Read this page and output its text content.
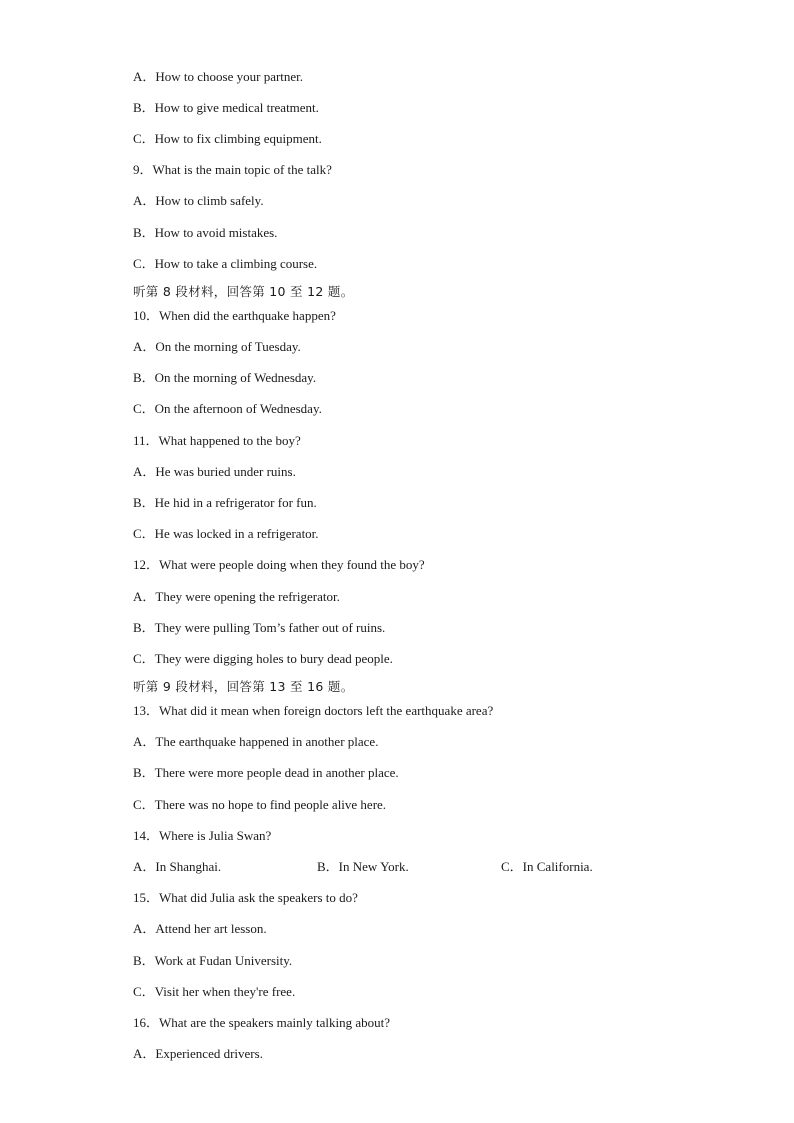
A．How to choose your partner.
B．How to give medical treatment.
C．How to fix climbing equipment.
9．What is the main topic of the talk?
A．How to climb safely.
B．How to avoid mistakes.
C．How to take a climbing course.
听第 8 段材料，回答第 10 至 12 题。
10．When did the earthquake happen?
A．On the morning of Tuesday.
B．On the morning of Wednesday.
C．On the afternoon of Wednesday.
11．What happened to the boy?
A．He was buried under ruins.
B．He hid in a refrigerator for fun.
C．He was locked in a refrigerator.
12．What were people doing when they found the boy?
A．They were opening the refrigerator.
B．They were pulling Tom’s father out of ruins.
C．They were digging holes to bury dead people.
听第 9 段材料，回答第 13 至 16 题。
13．What did it mean when foreign doctors left the earthquake area?
A．The earthquake happened in another place.
B．There were more people dead in another place.
C．There was no hope to find people alive here.
14．Where is Julia Swan?
A．In Shanghai.	B．In New York.	C．In California.
15．What did Julia ask the speakers to do?
A．Attend her art lesson.
B．Work at Fudan University.
C．Visit her when they're free.
16．What are the speakers mainly talking about?
A．Experienced drivers.
